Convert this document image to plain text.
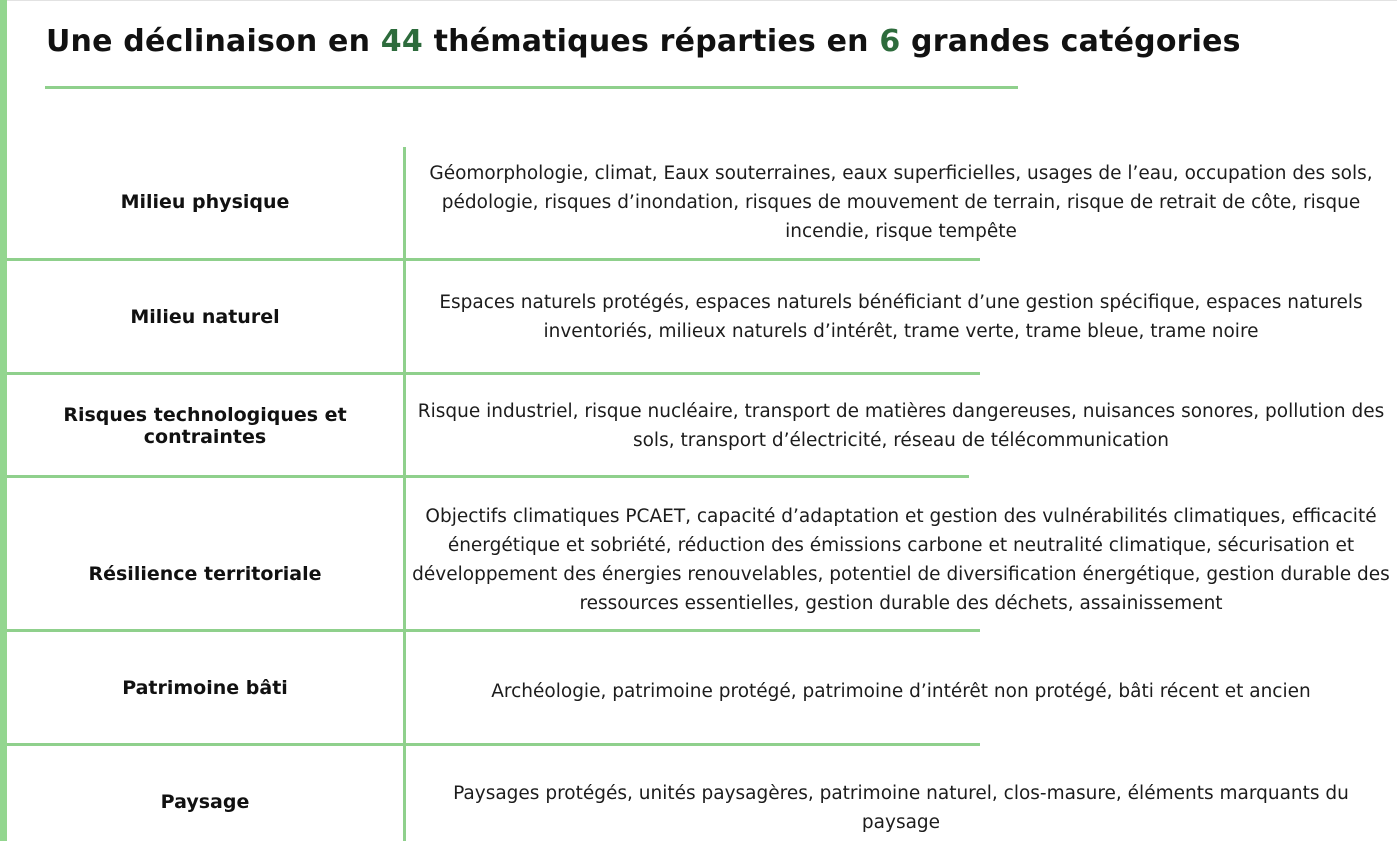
Une déclinaison en 44 thématiques réparties en 6 grandes catégories
Milieu physique
Géomorphologie, climat, Eaux souterraines, eaux superficielles, usages de l’eau, occupation des sols, pédologie, risques d’inondation, risques de mouvement de terrain, risque de retrait de côte, risque incendie, risque tempête
Milieu naturel
Espaces naturels protégés, espaces naturels bénéficiant d’une gestion spécifique, espaces naturels inventoriés, milieux naturels d’intérêt, trame verte, trame bleue, trame noire
Risques technologiques et contraintes
Risque industriel, risque nucléaire, transport de matières dangereuses, nuisances sonores, pollution des sols, transport d’électricité, réseau de télécommunication
Résilience territoriale
Objectifs climatiques PCAET, capacité d’adaptation et gestion des vulnérabilités climatiques, efficacité énergétique et sobriété, réduction des émissions carbone et neutralité climatique, sécurisation et développement des énergies renouvelables, potentiel de diversification énergétique, gestion durable des ressources essentielles, gestion durable des déchets, assainissement
Patrimoine bâti	Archéologie, patrimoine protégé, patrimoine d’intérêt non protégé, bâti récent et ancien
Paysage	Paysages protégés, unités paysagères, patrimoine naturel, clos-masure, éléments marquants du paysage
